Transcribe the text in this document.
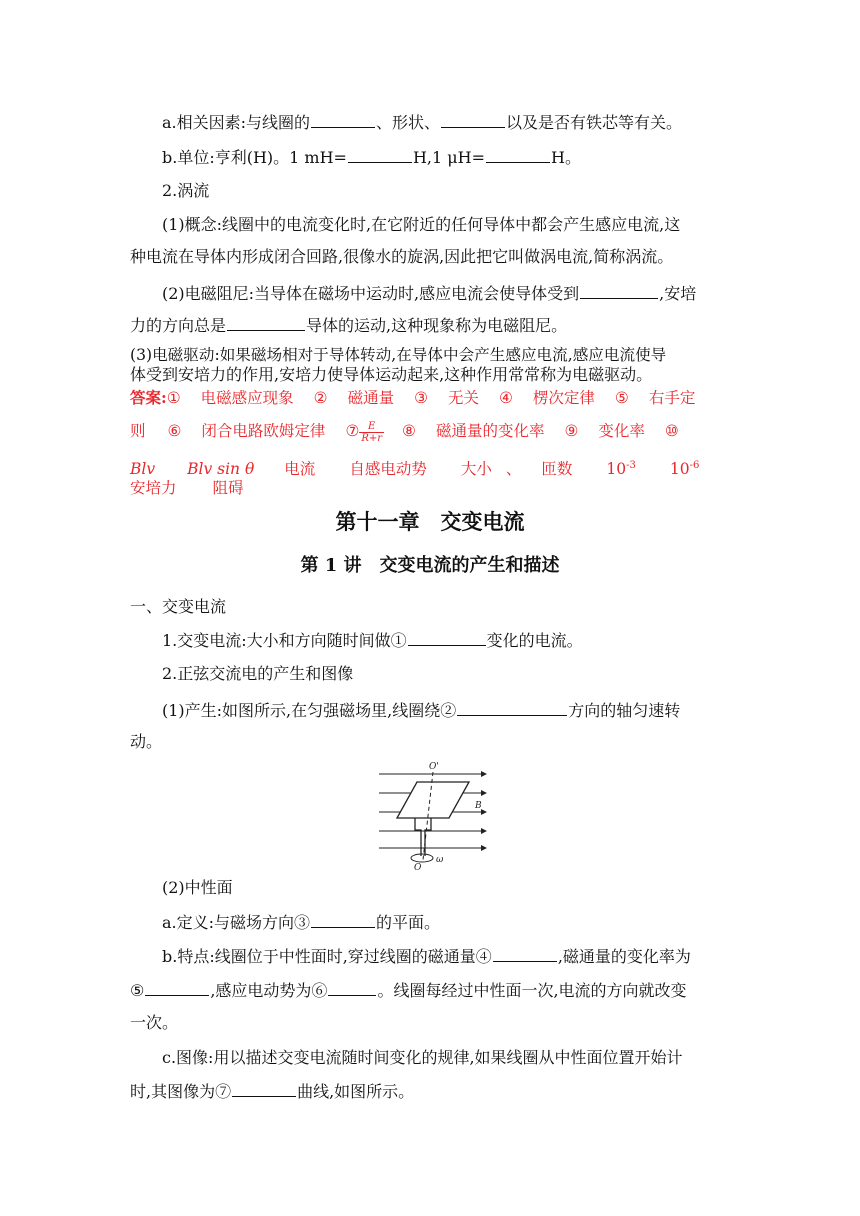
a.相关因素:与线圈的	、形状、	以及是否有铁芯等有关。
b.单位:亨利(H)。1 mH=	H,1 μH=	H。
2.涡流
(1)概念:线圈中的电流变化时,在它附近的任何导体中都会产生感应电流,这
种电流在导体内形成闭合回路,很像水的旋涡,因此把它叫做涡电流,简称涡流。
(2)电磁阻尼:当导体在磁场中运动时,感应电流会使导体受到	,安培
力的方向总是	导体的运动,这种现象称为电磁阻尼。
(3)电磁驱动:如果磁场相对于导体转动,在导体中会产生感应电流,感应电流使导
体受到安培力的作用,安培力使导体运动起来,这种作用常常称为电磁驱动。
答案:① 电磁感应现象 ② 磁通量 ③ 无关 ④ 楞次定律 ⑤ 右手定
则 ⑥ 闭合电路欧姆定律 ⑦ $\frac{E}{R+r}$ ⑧ 磁通量的变化率 ⑨ 变化率 ⑩
Blv Blv sin θ 电流 自感电动势 大小 、 匝数 $10^{-3}$ $10^{-6}$
安培力 阻碍
第十一章　交变电流
第 1 讲　交变电流的产生和描述
一、交变电流
1.交变电流:大小和方向随时间做①	变化的电流。
2.正弦交流电的产生和图像
(1)产生:如图所示,在匀强磁场里,线圈绕②	方向的轴匀速转
动。
O'
B
O
ω
(2)中性面
a.定义:与磁场方向③	的平面。
b.特点:线圈位于中性面时,穿过线圈的磁通量④	,磁通量的变化率为
⑤	,感应电动势为⑥	。线圈每经过中性面一次,电流的方向就改变
一次。
c.图像:用以描述交变电流随时间变化的规律,如果线圈从中性面位置开始计
时,其图像为⑦	曲线,如图所示。
